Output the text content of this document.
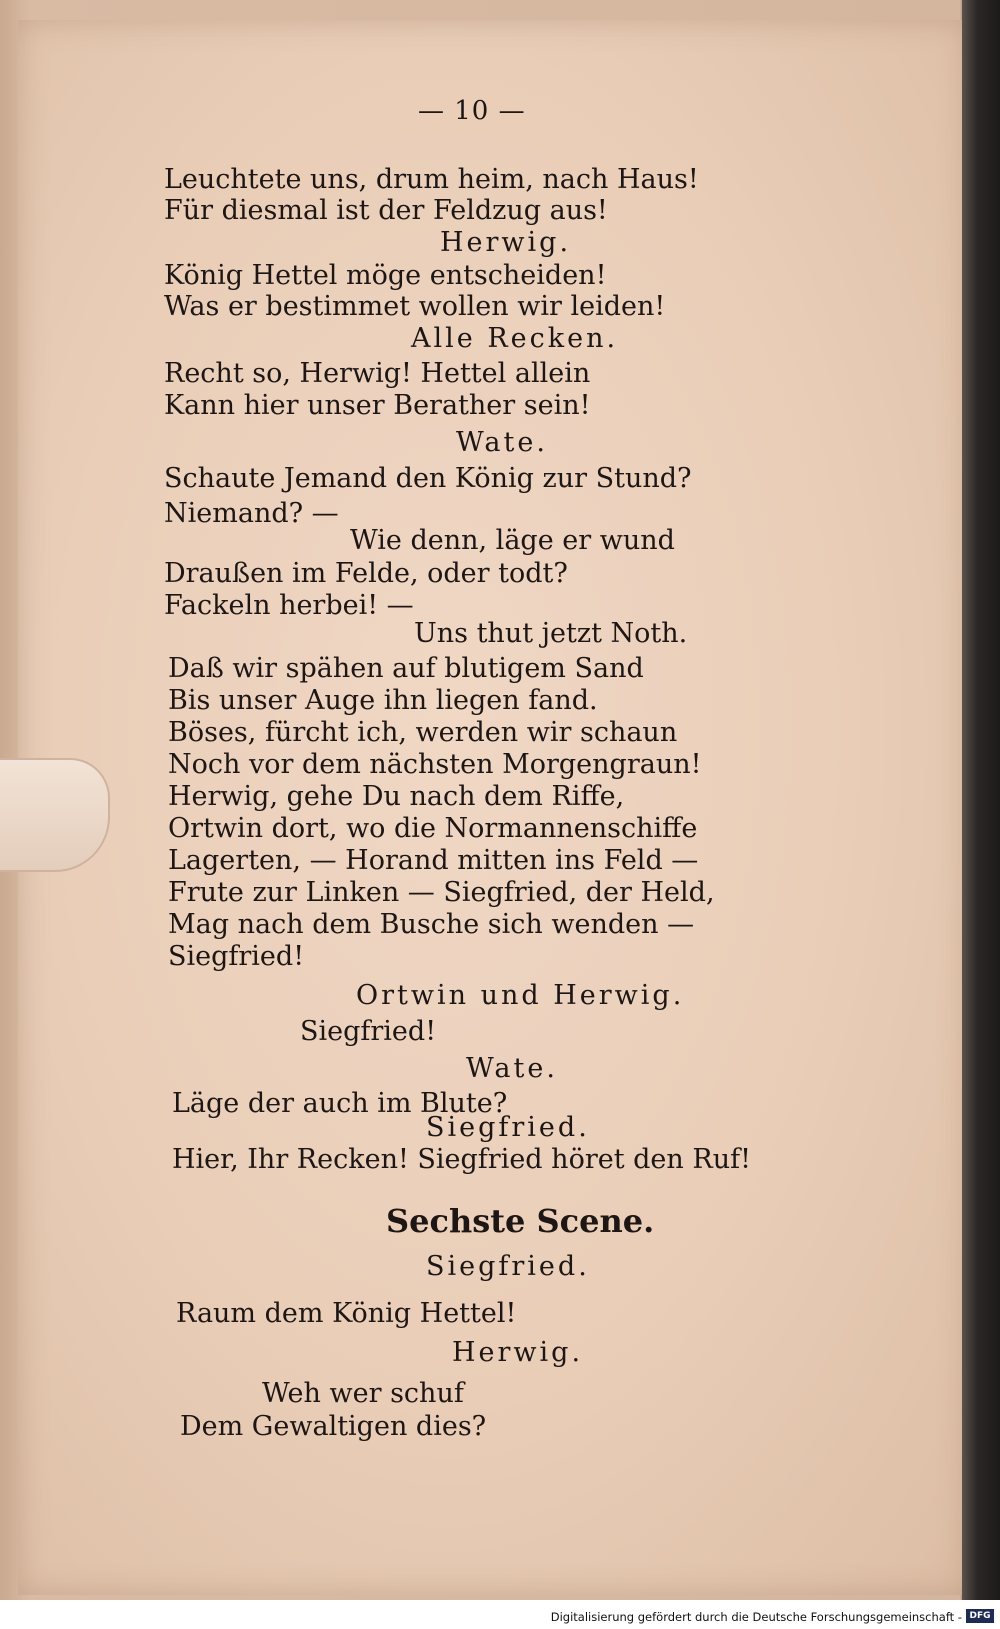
— 10 —
Leuchtete uns, drum heim, nach Haus!
Für diesmal ist der Feldzug aus!
Herwig.
König Hettel möge entscheiden!
Was er bestimmet wollen wir leiden!
Alle Recken.
Recht so, Herwig! Hettel allein
Kann hier unser Berather sein!
Wate.
Schaute Jemand den König zur Stund?
Niemand? —
Wie denn, läge er wund
Draußen im Felde, oder todt?
Fackeln herbei! —
Uns thut jetzt Noth.
Daß wir spähen auf blutigem Sand
Bis unser Auge ihn liegen fand.
Böses, fürcht ich, werden wir schaun
Noch vor dem nächsten Morgengraun!
Herwig, gehe Du nach dem Riffe,
Ortwin dort, wo die Normannenschiffe
Lagerten, — Horand mitten ins Feld —
Frute zur Linken — Siegfried, der Held,
Mag nach dem Busche sich wenden —
Siegfried!
Ortwin und Herwig.
Siegfried!
Wate.
Läge der auch im Blute?
Siegfried.
Hier, Ihr Recken! Siegfried höret den Ruf!
Sechste Scene.
Siegfried.
Raum dem König Hettel!
Herwig.
Weh wer schuf
Dem Gewaltigen dies?
Digitalisierung gefördert durch die Deutsche Forschungsgemeinschaft - DFG
